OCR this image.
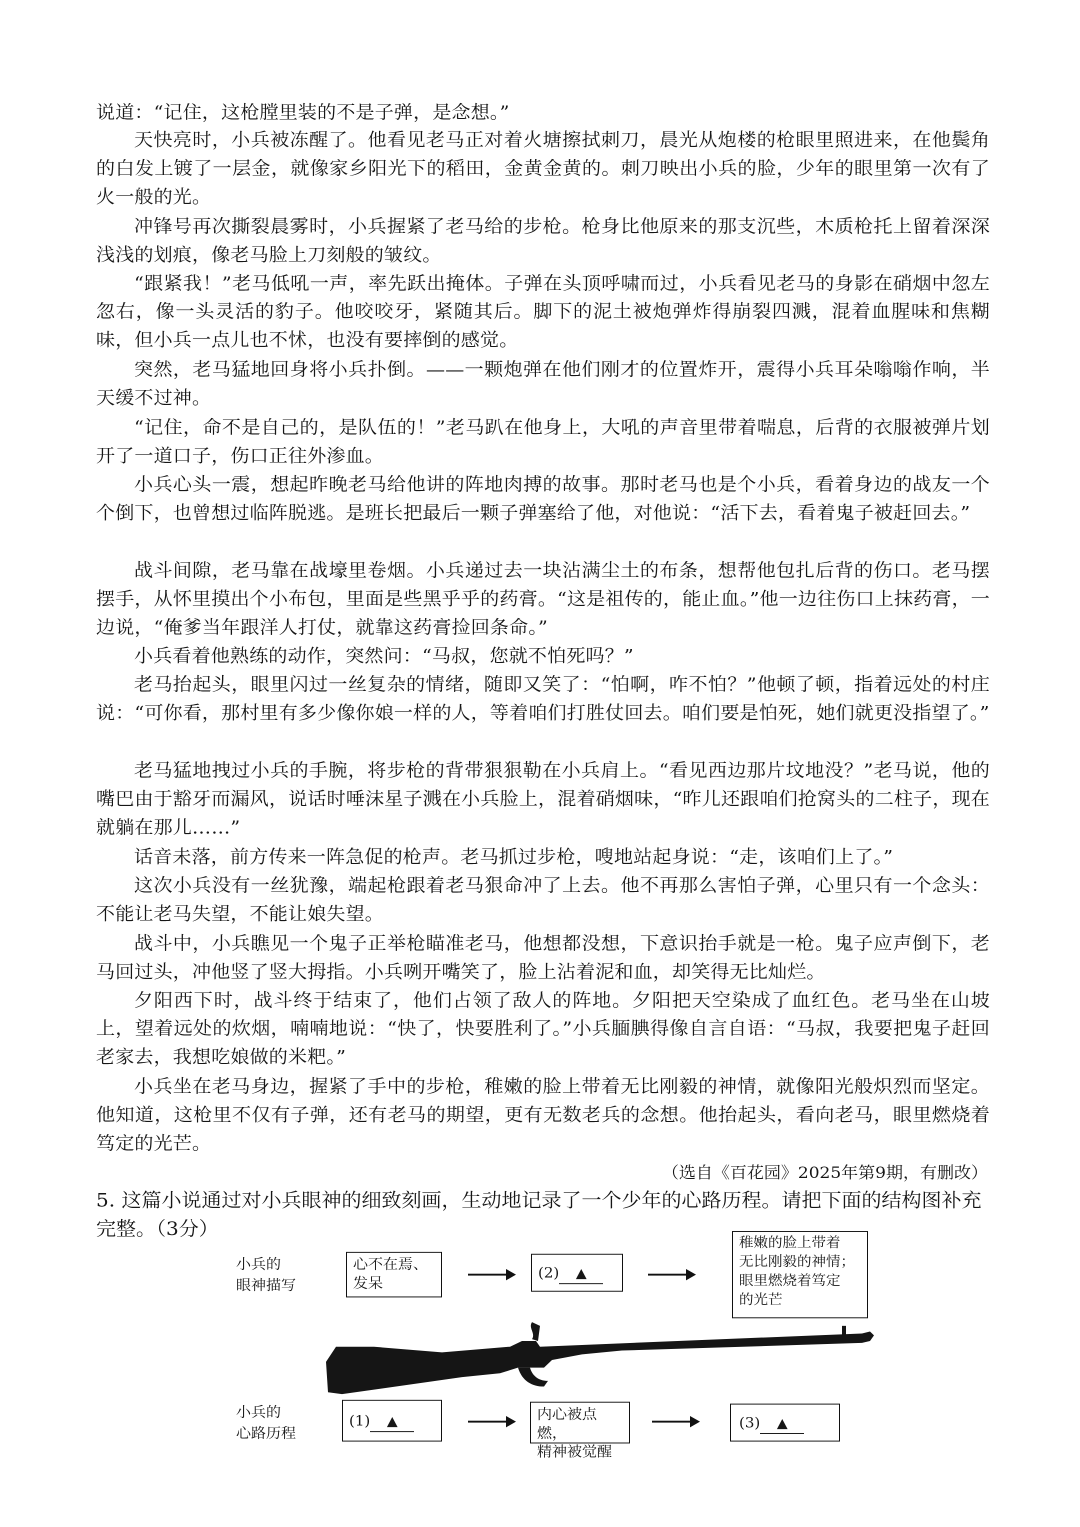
说道：“记住，这枪膛里装的不是子弹，是念想。”
天快亮时，小兵被冻醒了。他看见老马正对着火塘擦拭刺刀，晨光从炮楼的枪眼里照进来，在他鬓角的白发上镀了一层金，就像家乡阳光下的稻田，金黄金黄的。刺刀映出小兵的脸，少年的眼里第一次有了火一般的光。
冲锋号再次撕裂晨雾时，小兵握紧了老马给的步枪。枪身比他原来的那支沉些，木质枪托上留着深深浅浅的划痕，像老马脸上刀刻般的皱纹。
“跟紧我！”老马低吼一声，率先跃出掩体。子弹在头顶呼啸而过，小兵看见老马的身影在硝烟中忽左忽右，像一头灵活的豹子。他咬咬牙，紧随其后。脚下的泥土被炮弹炸得崩裂四溅，混着血腥味和焦糊味，但小兵一点儿也不怵，也没有要摔倒的感觉。
突然，老马猛地回身将小兵扑倒。——一颗炮弹在他们刚才的位置炸开，震得小兵耳朵嗡嗡作响，半天缓不过神。
“记住，命不是自己的，是队伍的！”老马趴在他身上，大吼的声音里带着喘息，后背的衣服被弹片划开了一道口子，伤口正往外渗血。
小兵心头一震，想起昨晚老马给他讲的阵地肉搏的故事。那时老马也是个小兵，看着身边的战友一个个倒下，也曾想过临阵脱逃。是班长把最后一颗子弹塞给了他，对他说：“活下去，看着鬼子被赶回去。”
战斗间隙，老马靠在战壕里卷烟。小兵递过去一块沾满尘土的布条，想帮他包扎后背的伤口。老马摆摆手，从怀里摸出个小布包，里面是些黑乎乎的药膏。“这是祖传的，能止血。”他一边往伤口上抹药膏，一边说，“俺爹当年跟洋人打仗，就靠这药膏捡回条命。”
小兵看着他熟练的动作，突然问：“马叔，您就不怕死吗？”
老马抬起头，眼里闪过一丝复杂的情绪，随即又笑了：“怕啊，咋不怕？”他顿了顿，指着远处的村庄说：“可你看，那村里有多少像你娘一样的人，等着咱们打胜仗回去。咱们要是怕死，她们就更没指望了。”
老马猛地拽过小兵的手腕，将步枪的背带狠狠勒在小兵肩上。“看见西边那片坟地没？”老马说，他的嘴巴由于豁牙而漏风，说话时唾沫星子溅在小兵脸上，混着硝烟味，“昨儿还跟咱们抢窝头的二柱子，现在就躺在那儿……”
话音未落，前方传来一阵急促的枪声。老马抓过步枪，嗖地站起身说：“走，该咱们上了。”
这次小兵没有一丝犹豫，端起枪跟着老马狠命冲了上去。他不再那么害怕子弹，心里只有一个念头：不能让老马失望，不能让娘失望。
战斗中，小兵瞧见一个鬼子正举枪瞄准老马，他想都没想，下意识抬手就是一枪。鬼子应声倒下，老马回过头，冲他竖了竖大拇指。小兵咧开嘴笑了，脸上沾着泥和血，却笑得无比灿烂。
夕阳西下时，战斗终于结束了，他们占领了敌人的阵地。夕阳把天空染成了血红色。老马坐在山坡上，望着远处的炊烟，喃喃地说：“快了，快要胜利了。”小兵腼腆得像自言自语：“马叔，我要把鬼子赶回老家去，我想吃娘做的米粑。”
小兵坐在老马身边，握紧了手中的步枪，稚嫩的脸上带着无比刚毅的神情，就像阳光般炽烈而坚定。他知道，这枪里不仅有子弹，还有老马的期望，更有无数老兵的念想。他抬起头，看向老马，眼里燃烧着笃定的光芒。
（选自《百花园》2025年第9期，有删改）
5. 这篇小说通过对小兵眼神的细致刻画，生动地记录了一个少年的心路历程。请把下面的结构图补充完整。（3分）
小兵的
眼神描写
心不在焉、
发呆
(2) ▲
稚嫩的脸上带着
无比刚毅的神情；
眼里燃烧着笃定
的光芒
小兵的
心路历程
(1) ▲	内心被点燃，
精神被觉醒
(3) ▲
